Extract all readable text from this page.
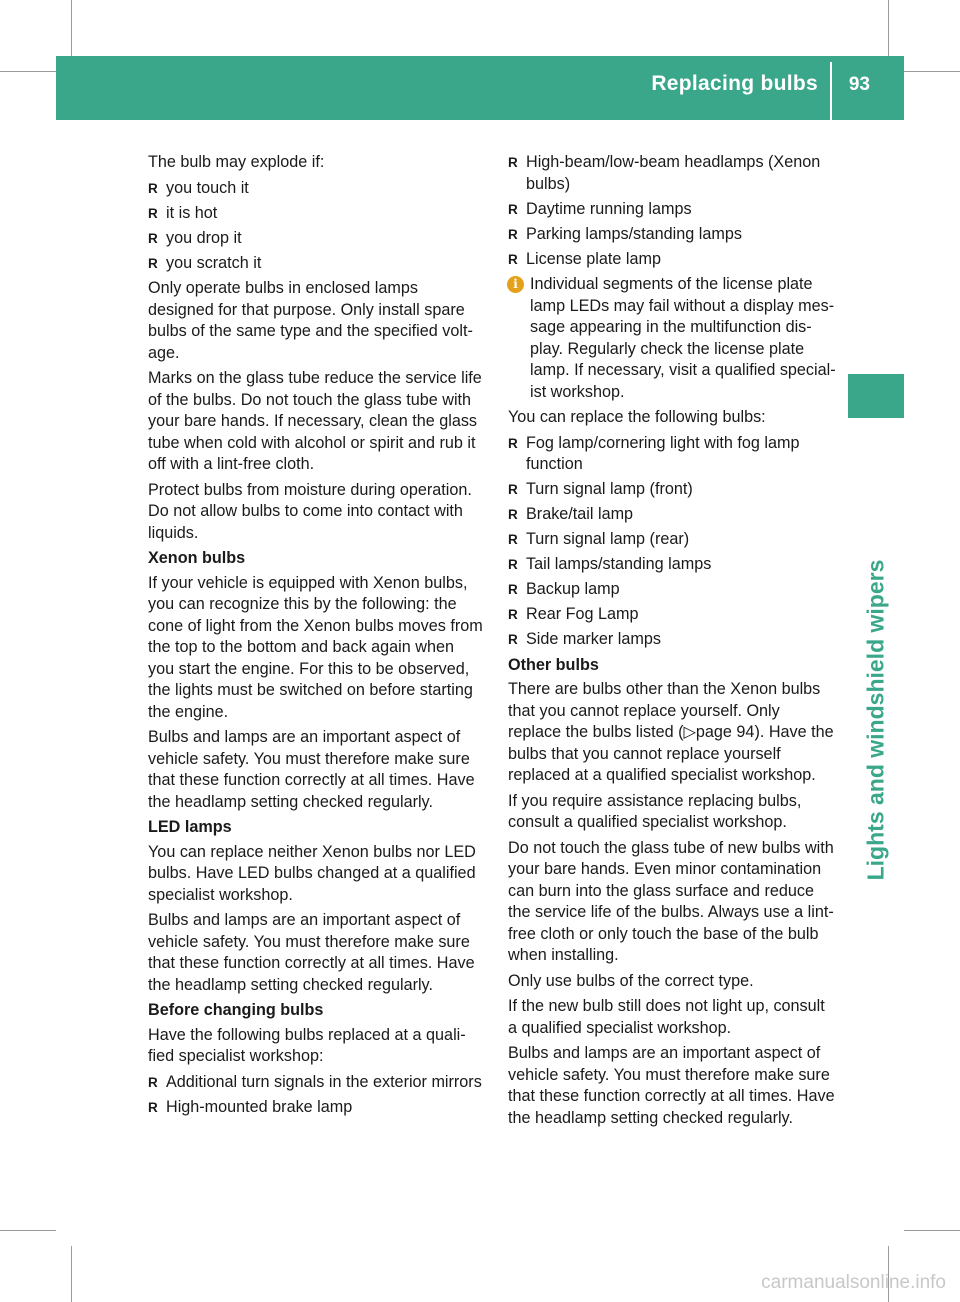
Replacing bulbs 93
Lights and windshield wipers

The bulb may explode if:

R you touch it
R it is hot
R you drop it
R you scratch it

Only operate bulbs in enclosed lamps designed for that purpose. Only install spare bulbs of the same type and the specified voltage.

Marks on the glass tube reduce the service life of the bulbs. Do not touch the glass tube with your bare hands. If necessary, clean the glass tube when cold with alcohol or spirit and rub it off with a lint-free cloth.

Protect bulbs from moisture during operation. Do not allow bulbs to come into contact with liquids.

Xenon bulbs

If your vehicle is equipped with Xenon bulbs, you can recognize this by the following: the cone of light from the Xenon bulbs moves from the top to the bottom and back again when you start the engine. For this to be observed, the lights must be switched on before starting the engine.

Bulbs and lamps are an important aspect of vehicle safety. You must therefore make sure that these function correctly at all times. Have the headlamp setting checked regularly.

LED lamps

You can replace neither Xenon bulbs nor LED bulbs. Have LED bulbs changed at a qualified specialist workshop.

Bulbs and lamps are an important aspect of vehicle safety. You must therefore make sure that these function correctly at all times. Have the headlamp setting checked regularly.

Before changing bulbs

Have the following bulbs replaced at a qualified specialist workshop:

R Additional turn signals in the exterior mirrors
R High-mounted brake lamp
R High-beam/low-beam headlamps (Xenon bulbs)
R Daytime running lamps
R Parking lamps/standing lamps
R License plate lamp
i Individual segments of the license plate lamp LEDs may fail without a display message appearing in the multifunction display. Regularly check the license plate lamp. If necessary, visit a qualified specialist workshop.

You can replace the following bulbs:

R Fog lamp/cornering light with fog lamp function
R Turn signal lamp (front)
R Brake/tail lamp
R Turn signal lamp (rear)
R Tail lamps/standing lamps
R Backup lamp
R Rear Fog Lamp
R Side marker lamps
Other bulbs

There are bulbs other than the Xenon bulbs that you cannot replace yourself. Only replace the bulbs listed (▷page 94). Have the bulbs that you cannot replace yourself replaced at a qualified specialist workshop.

If you require assistance replacing bulbs, consult a qualified specialist workshop.

Do not touch the glass tube of new bulbs with your bare hands. Even minor contamination can burn into the glass surface and reduce the service life of the bulbs. Always use a lint-free cloth or only touch the base of the bulb when installing.

Only use bulbs of the correct type.

If the new bulb still does not light up, consult a qualified specialist workshop.

Bulbs and lamps are an important aspect of vehicle safety. You must therefore make sure that these function correctly at all times. Have the headlamp setting checked regularly.

carmanualsonline.info
